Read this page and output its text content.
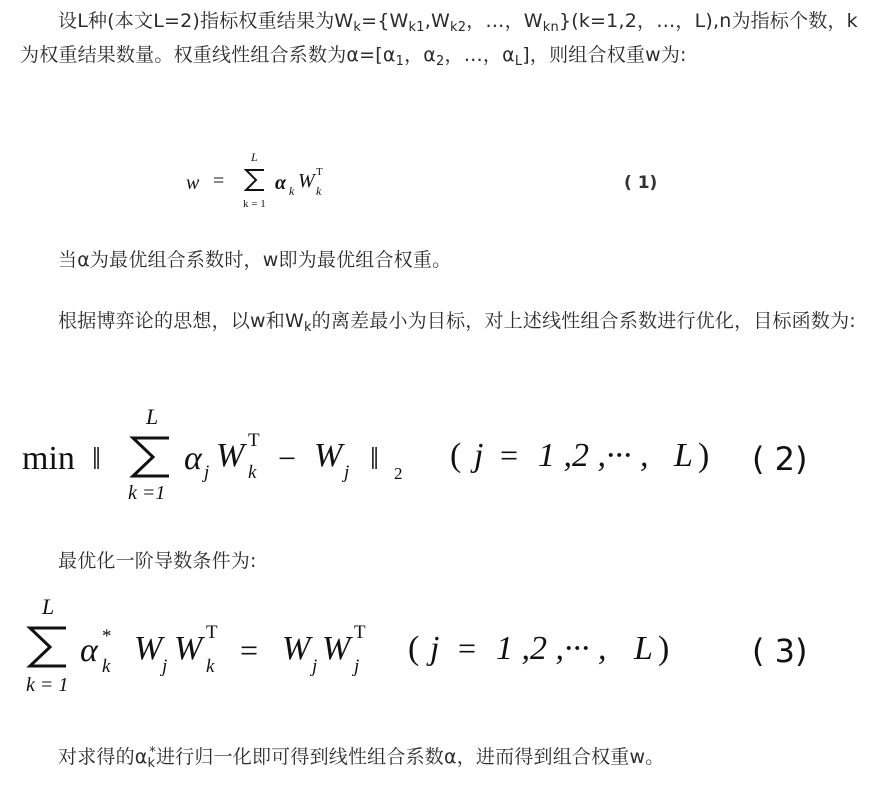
设L种(本文L=2)指标权重结果为$W_k=\{W_{k1},W_{k2}$，…，$W_{kn}\}(k=1,2$，…，L),n为指标个数，k为权重结果数量。权重线性组合系数为$\alpha=[\alpha_1$，$\alpha_2$，…，$\alpha_L$]，则组合权重w为:

w =
L
k = 1
α k W T
k	( 1)

当α为最优组合系数时，w即为最优组合权重。

根据博弈论的思想，以w和$W_k$的离差最小为目标，对上述线性组合系数进行优化，目标函数为:

min ‖
L
k =1
α j W T
k − W j ‖ 2 ( j = 1 ,2 ,··· , L ) ( 2)

最优化一阶导数条件为:

L
k = 1
α *
k W j W T
k = W j W T
j ( j = 1 ,2 ,··· , L )	( 3)

对求得的$\alpha_k^*$进行归一化即可得到线性组合系数α，进而得到组合权重w。
